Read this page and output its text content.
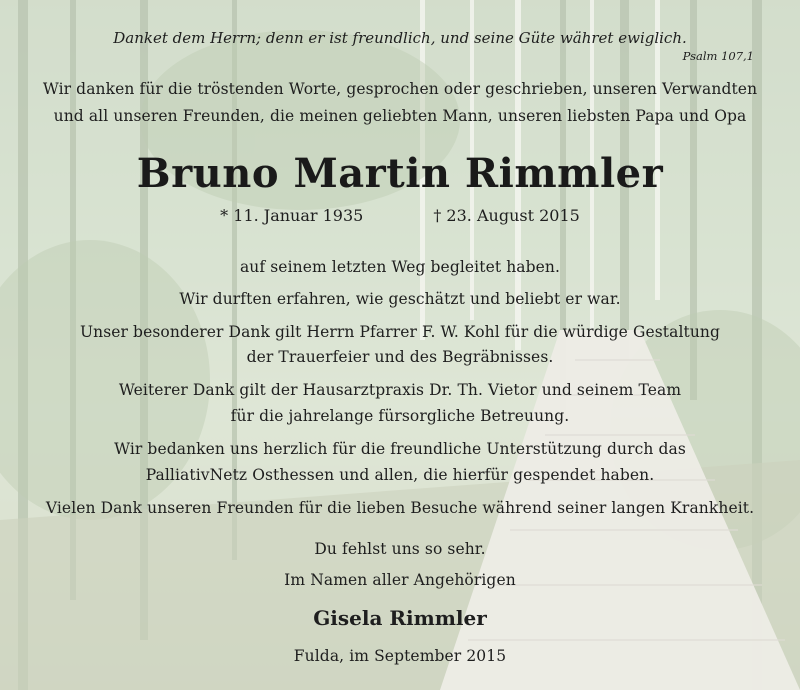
Danket dem Herrn; denn er ist freundlich, und seine Güte währet ewiglich.
Psalm 107,1
Wir danken für die tröstenden Worte, gesprochen oder geschrieben, unseren Verwandten
und all unseren Freunden, die meinen geliebten Mann, unseren liebsten Papa und Opa
Bruno Martin Rimmler
* 11. Januar 1935	† 23. August 2015
auf seinem letzten Weg begleitet haben.
Wir durften erfahren, wie geschätzt und beliebt er war.
Unser besonderer Dank gilt Herrn Pfarrer F. W. Kohl für die würdige Gestaltung
der Trauerfeier und des Begräbnisses.
Weiterer Dank gilt der Hausarztpraxis Dr. Th. Vietor und seinem Team
für die jahrelange fürsorgliche Betreuung.
Wir bedanken uns herzlich für die freundliche Unterstützung durch das
PalliativNetz Osthessen und allen, die hierfür gespendet haben.
Vielen Dank unseren Freunden für die lieben Besuche während seiner langen Krankheit.
Du fehlst uns so sehr.
Im Namen aller Angehörigen
Gisela Rimmler
Fulda, im September 2015
